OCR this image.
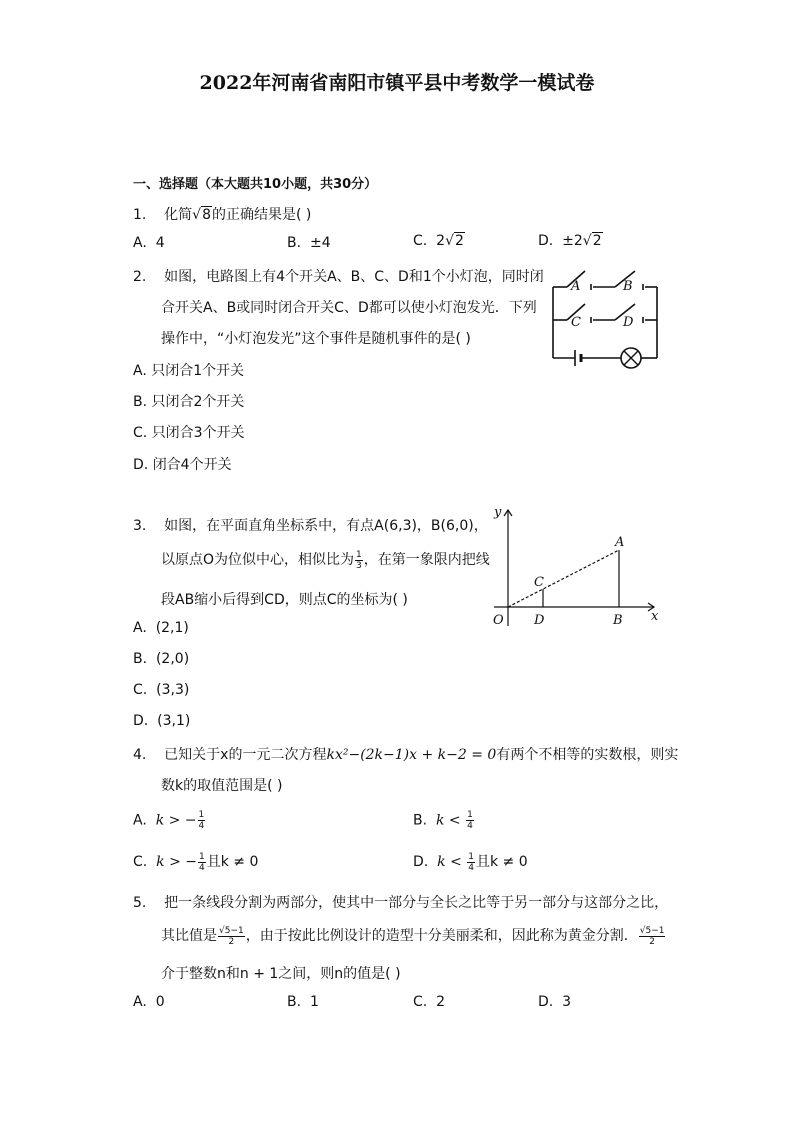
2022年河南省南阳市镇平县中考数学一模试卷
一、选择题（本大题共10小题，共30分）
1. 化简√8的正确结果是( )
A. 4	B. ±4	C. 2√2	D. ±2√2
2. 如图，电路图上有4个开关A、B、C、D和1个小灯泡，同时闭
合开关A、B或同时闭合开关C、D都可以使小灯泡发光．下列
操作中，“小灯泡发光”这个事件是随机事件的是( )
A. 只闭合1个开关
B. 只闭合2个开关
C. 只闭合3个开关
D. 闭合4个开关
A	B
C	D
3. 如图，在平面直角坐标系中，有点A(6,3)，B(6,0)，
以原点O为位似中心，相似比为 $\frac{1}{3}$ ，在第一象限内把线
段AB缩小后得到CD，则点C的坐标为( )
A. (2,1)
B. (2,0)
C. (3,3)
D. (3,1)
y
x
O
A
B
C
D
4. 已知关于x的一元二次方程kx²−(2k−1)x + k−2 = 0有两个不相等的实数根，则实
数k的取值范围是( )
A. k > − $\frac{1}{4}$	B. $k < \frac{1}{4}$
C. k > − $\frac{1}{4}$ 且k ≠ 0	D. $k < \frac{1}{4}$ 且k ≠ 0
5. 把一条线段分割为两部分，使其中一部分与全长之比等于另一部分与这部分之比，
其比值是 $\frac{√5-1}{2}$ ，由于按此比例设计的造型十分美丽柔和，因此称为黄金分割． $\frac{√5-1}{2}$
介于整数n和n + 1之间，则n的值是( )
A. 0	B. 1	C. 2	D. 3
